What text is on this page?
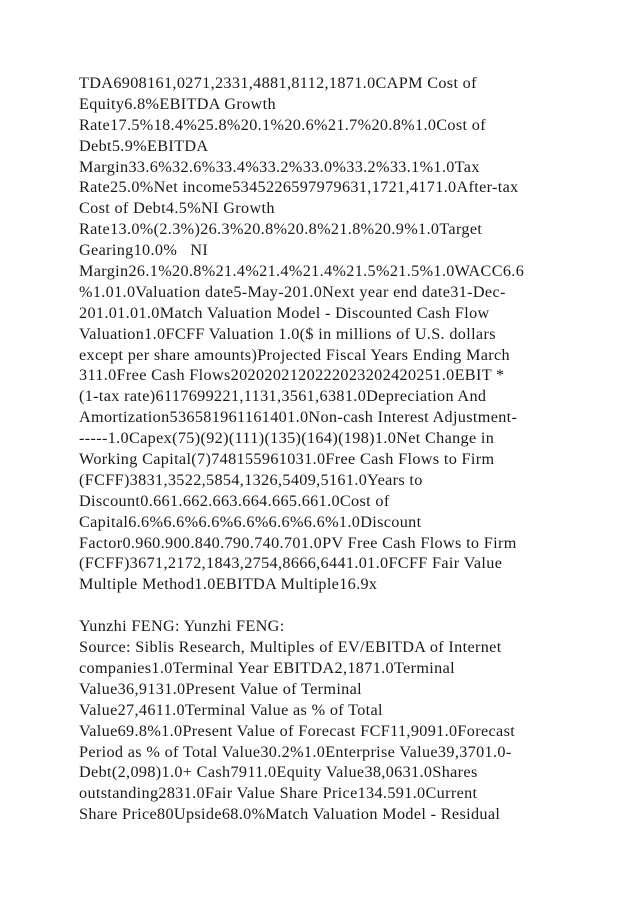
TDA6908161,0271,2331,4881,8112,1871.0CAPM Cost of
Equity6.8%EBITDA Growth
Rate17.5%18.4%25.8%20.1%20.6%21.7%20.8%1.0Cost of
Debt5.9%EBITDA
Margin33.6%32.6%33.4%33.2%33.0%33.2%33.1%1.0Tax
Rate25.0%Net income5345226597979631,1721,4171.0After-tax
Cost of Debt4.5%NI Growth
Rate13.0%(2.3%)26.3%20.8%20.8%21.8%20.9%1.0Target
Gearing10.0%   NI
Margin26.1%20.8%21.4%21.4%21.4%21.5%21.5%1.0WACC6.6
%1.01.0Valuation date5-May-201.0Next year end date31-Dec-
201.01.01.0Match Valuation Model - Discounted Cash Flow
Valuation1.0FCFF Valuation 1.0($ in millions of U.S. dollars
except per share amounts)Projected Fiscal Years Ending March
311.0Free Cash Flows2020202120222023202420251.0EBIT *
(1-tax rate)6117699221,1131,3561,6381.0Depreciation And
Amortization536581961161401.0Non-cash Interest Adjustment-
-----1.0Capex(75)(92)(111)(135)(164)(198)1.0Net Change in
Working Capital(7)748155961031.0Free Cash Flows to Firm
(FCFF)3831,3522,5854,1326,5409,5161.0Years to
Discount0.661.662.663.664.665.661.0Cost of
Capital6.6%6.6%6.6%6.6%6.6%6.6%1.0Discount
Factor0.960.900.840.790.740.701.0PV Free Cash Flows to Firm
(FCFF)3671,2172,1843,2754,8666,6441.01.0FCFF Fair Value
Multiple Method1.0EBITDA Multiple16.9x
Yunzhi FENG: Yunzhi FENG:
Source: Siblis Research, Multiples of EV/EBITDA of Internet
companies1.0Terminal Year EBITDA2,1871.0Terminal
Value36,9131.0Present Value of Terminal
Value27,4611.0Terminal Value as % of Total
Value69.8%1.0Present Value of Forecast FCF11,9091.0Forecast
Period as % of Total Value30.2%1.0Enterprise Value39,3701.0-
Debt(2,098)1.0+ Cash7911.0Equity Value38,0631.0Shares
outstanding2831.0Fair Value Share Price134.591.0Current
Share Price80Upside68.0%Match Valuation Model - Residual
